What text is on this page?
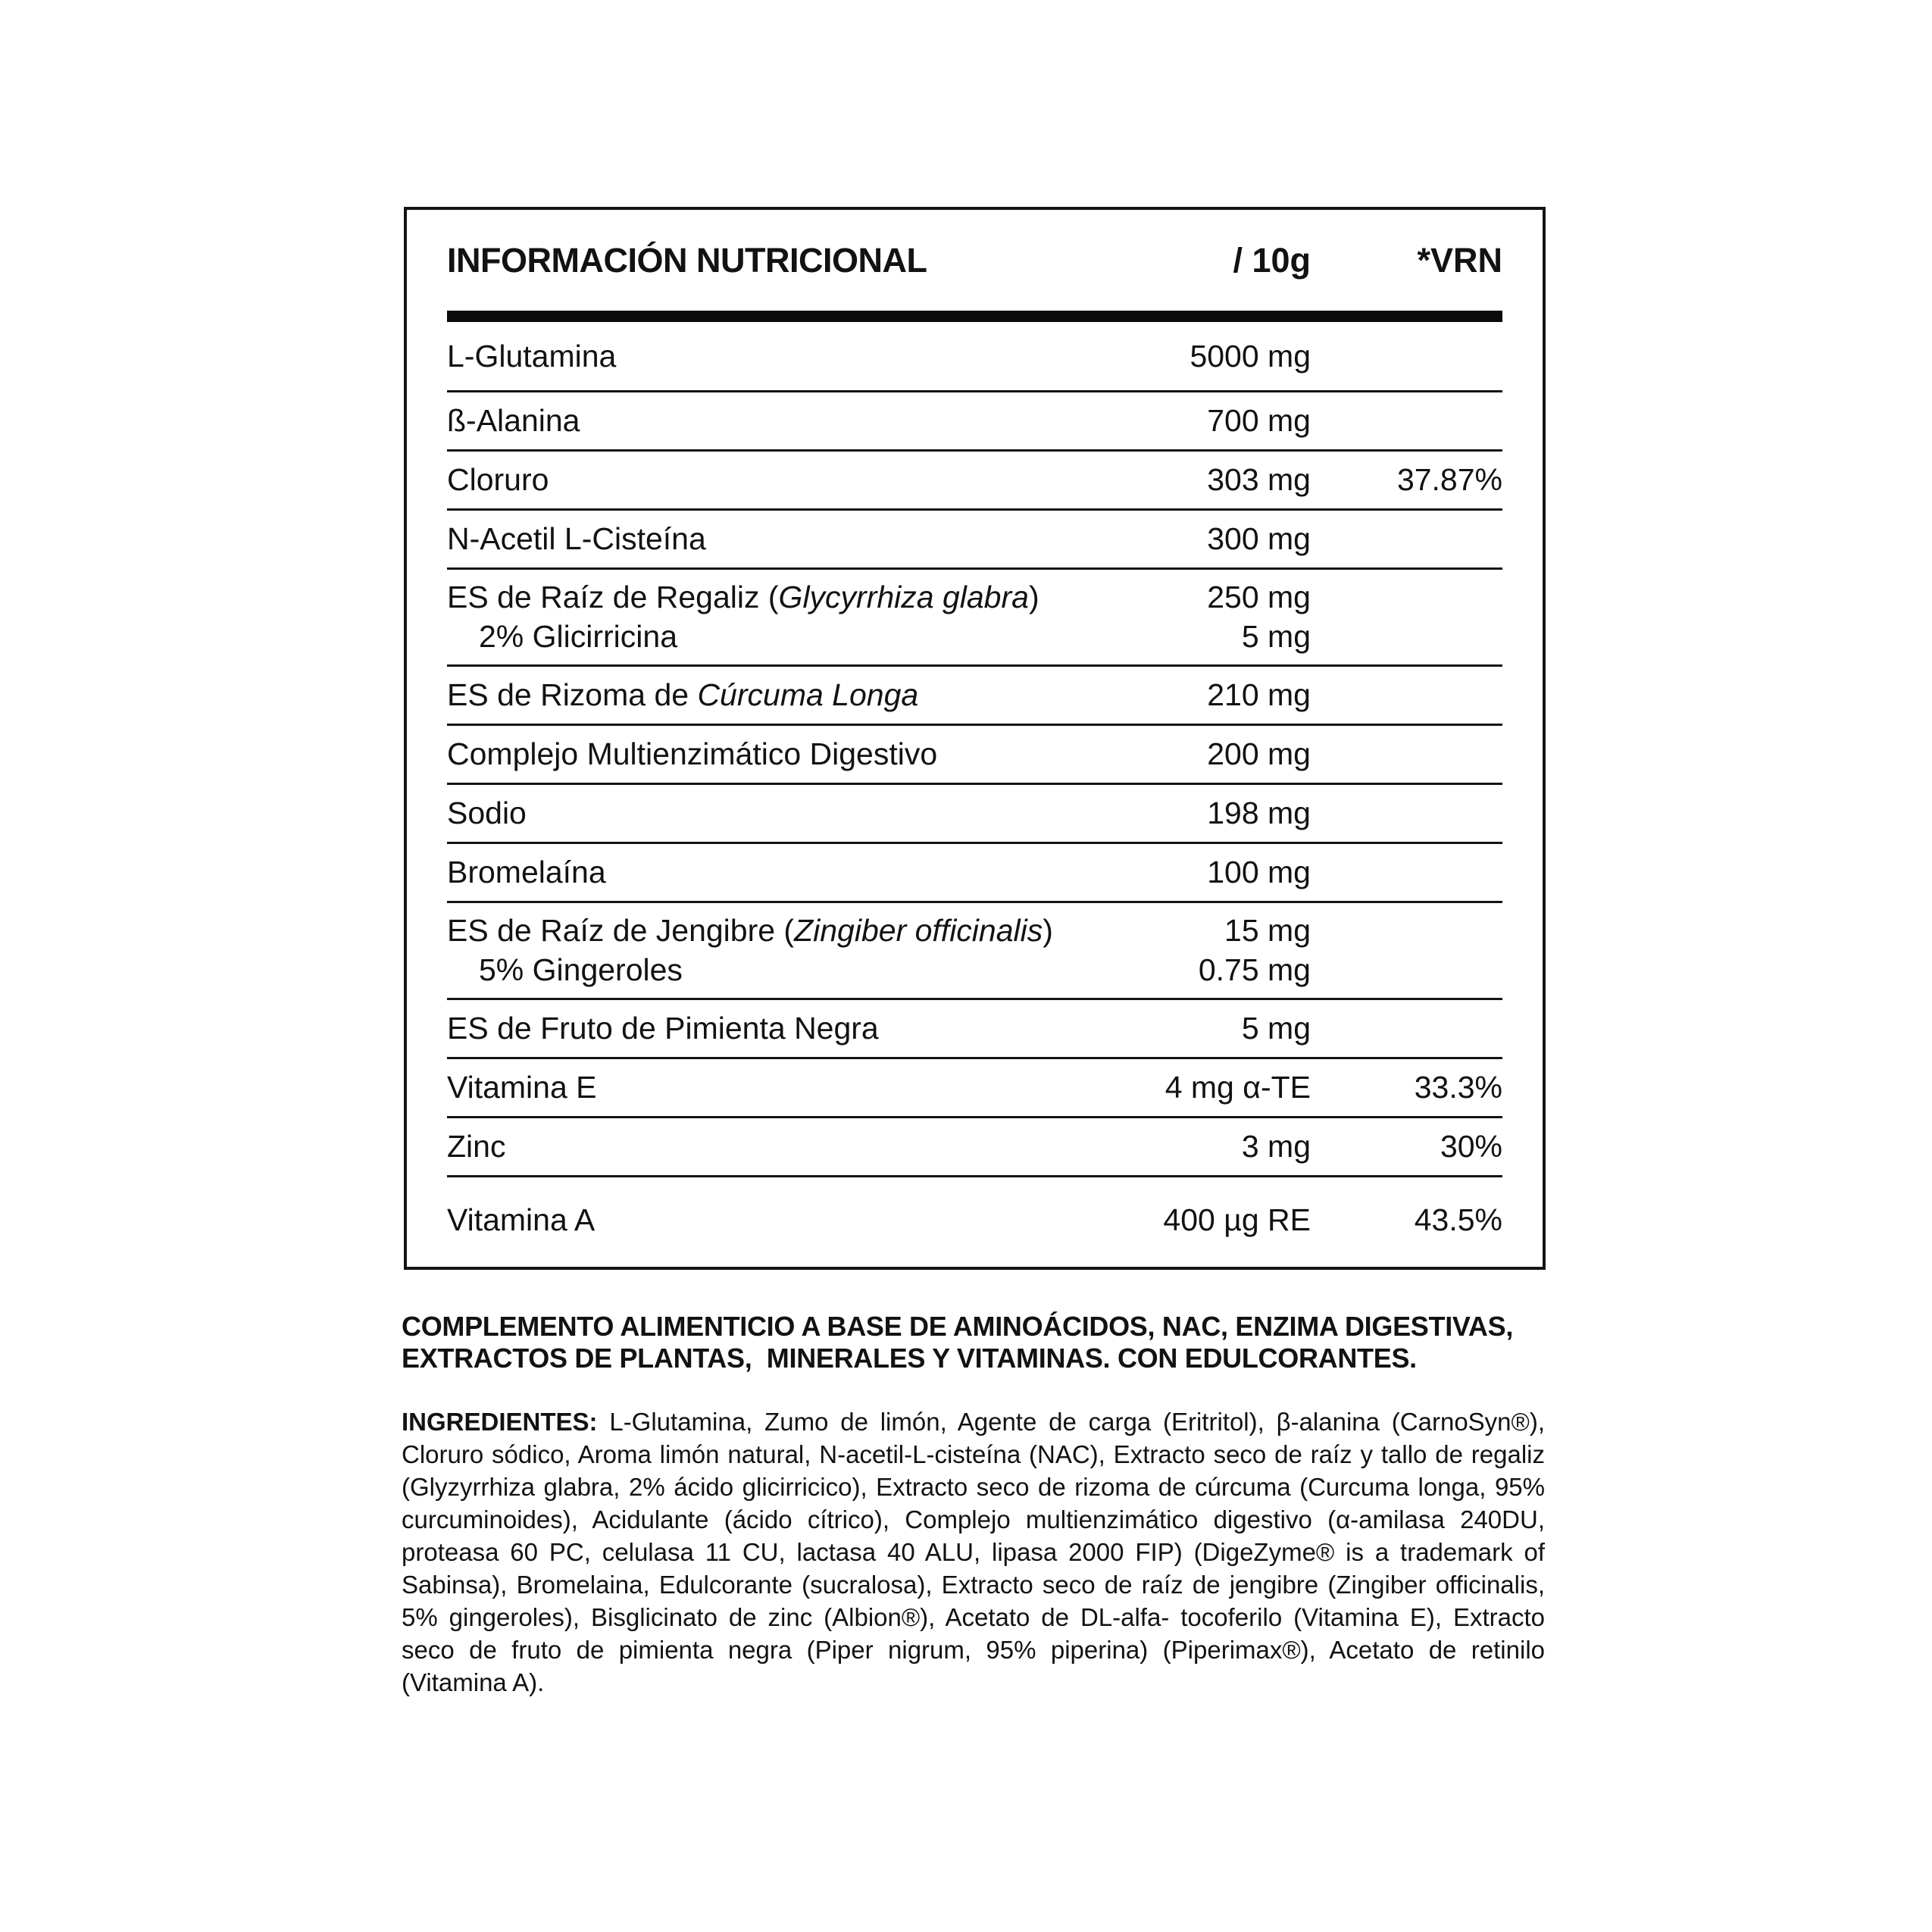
INFORMACIÓN NUTRICIONAL	/ 10g	*VRN
L-Glutamina	5000 mg
ß-Alanina	700 mg
Cloruro	303 mg	37.87%
N-Acetil L-Cisteína	300 mg
ES de Raíz de Regaliz (Glycyrrhiza glabra)	250 mg
2% Glicirricina	5 mg
ES de Rizoma de Cúrcuma Longa	210 mg
Complejo Multienzimático Digestivo	200 mg
Sodio	198 mg
Bromelaína	100 mg
ES de Raíz de Jengibre (Zingiber officinalis)	15 mg
5% Gingeroles	0.75 mg
ES de Fruto de Pimienta Negra	5 mg
Vitamina E	4 mg α-TE	33.3%
Zinc	3 mg	30%
Vitamina A	400 µg RE	43.5%
COMPLEMENTO ALIMENTICIO A BASE DE AMINOÁCIDOS, NAC, ENZIMA DIGESTIVAS,
EXTRACTOS DE PLANTAS,  MINERALES Y VITAMINAS. CON EDULCORANTES.
INGREDIENTES: L-Glutamina, Zumo de limón, Agente de carga (Eritritol), β-alanina (CarnoSyn®), Cloruro sódico, Aroma limón natural, N-acetil-L-cisteína (NAC), Extracto seco de raíz y tallo de regaliz (Glyzyrrhiza glabra, 2% ácido glicirricico), Extracto seco de rizoma de cúrcuma (Curcuma longa, 95% curcuminoides), Acidulante (ácido cítrico), Complejo multienzimático digestivo (α-amilasa 240DU, proteasa 60 PC, celulasa 11 CU, lactasa 40 ALU, lipasa 2000 FIP) (DigeZyme® is a trademark of Sabinsa), Bromelaina, Edulcorante (sucralosa), Extracto seco de raíz de jengibre (Zingiber officinalis, 5% gingeroles), Bisglicinato de zinc (Albion®), Acetato de DL-alfa- tocoferilo (Vitamina E), Extracto seco de fruto de pimienta negra (Piper nigrum, 95% piperina) (Piperimax®), Acetato de retinilo (Vitamina A).
